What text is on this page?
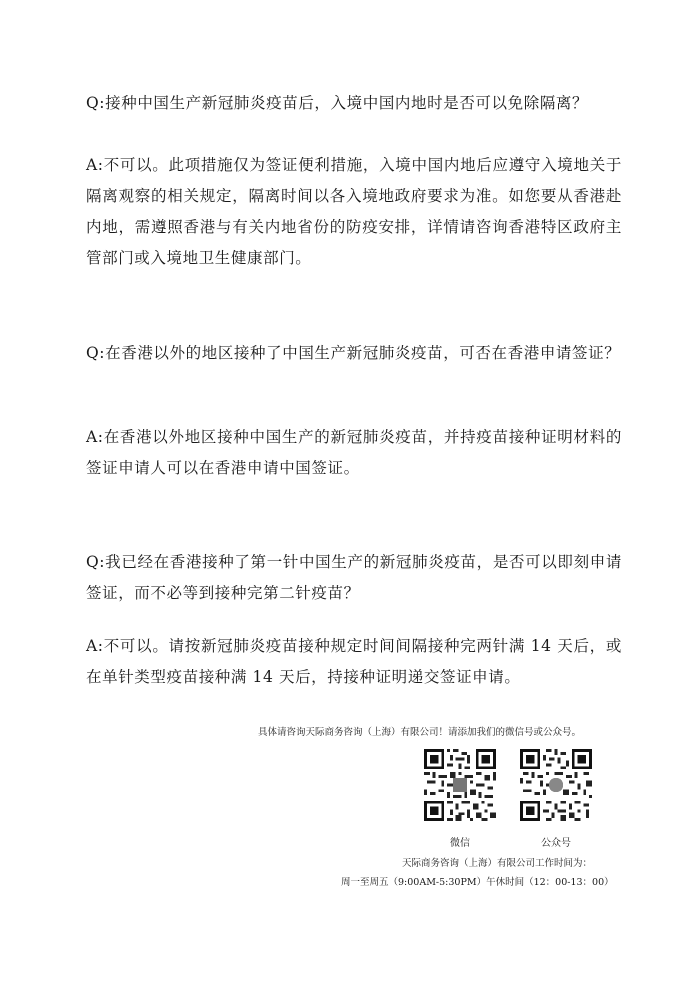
Q:接种中国生产新冠肺炎疫苗后，入境中国内地时是否可以免除隔离？

A:不可以。此项措施仅为签证便利措施，入境中国内地后应遵守入境地关于隔离观察的相关规定，隔离时间以各入境地政府要求为准。如您要从香港赴内地，需遵照香港与有关内地省份的防疫安排，详情请咨询香港特区政府主管部门或入境地卫生健康部门。

Q:在香港以外的地区接种了中国生产新冠肺炎疫苗，可否在香港申请签证？

A:在香港以外地区接种中国生产的新冠肺炎疫苗，并持疫苗接种证明材料的签证申请人可以在香港申请中国签证。

Q:我已经在香港接种了第一针中国生产的新冠肺炎疫苗，是否可以即刻申请签证，而不必等到接种完第二针疫苗？

A:不可以。请按新冠肺炎疫苗接种规定时间间隔接种完两针满 14 天后，或在单针类型疫苗接种满 14 天后，持接种证明递交签证申请。

具体请咨询天际商务咨询（上海）有限公司！请添加我们的微信号或公众号。
微信	公众号
天际商务咨询（上海）有限公司工作时间为：
周一至周五（9:00AM-5:30PM）午休时间（12：00-13：00）
